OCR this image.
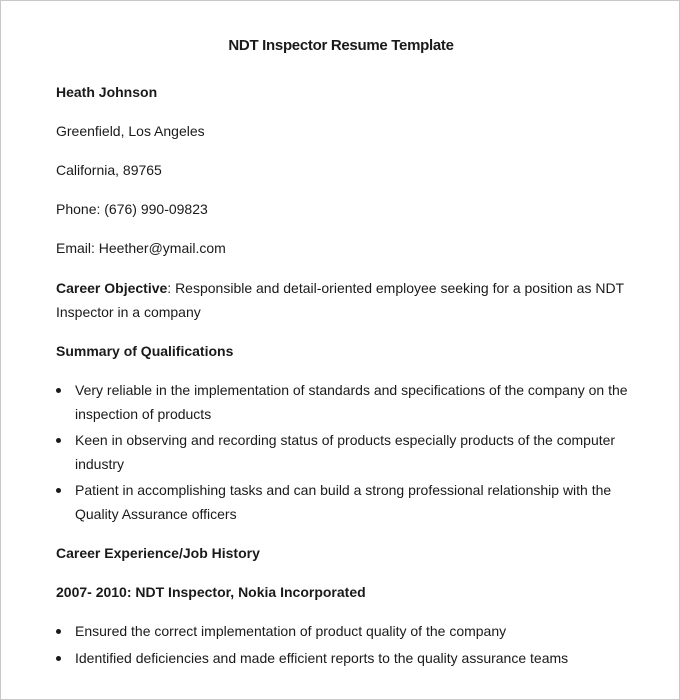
NDT Inspector Resume Template
Heath Johnson
Greenfield, Los Angeles
California, 89765
Phone: (676) 990-09823
Email: Heether@ymail.com
Career Objective: Responsible and detail-oriented employee seeking for a position as NDT Inspector in a company
Summary of Qualifications
Very reliable in the implementation of standards and specifications of the company on the inspection of products
Keen in observing and recording status of products especially products of the computer industry
Patient in accomplishing tasks and can build a strong professional relationship with the Quality Assurance officers
Career Experience/Job History
2007- 2010: NDT Inspector, Nokia Incorporated
Ensured the correct implementation of product quality of the company
Identified deficiencies and made efficient reports to the quality assurance teams
